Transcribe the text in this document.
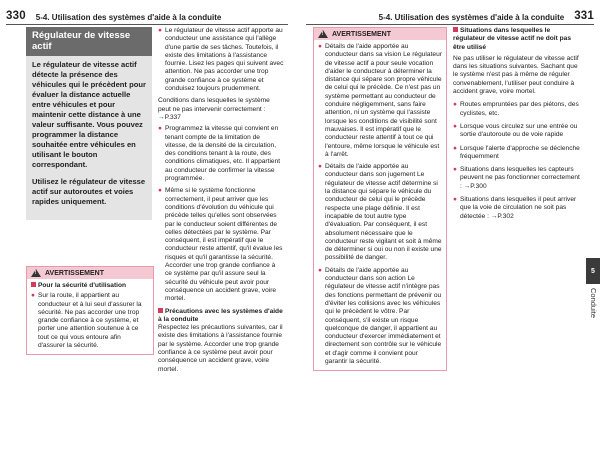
330 5-4. Utilisation des systèmes d'aide à la conduite	5-4. Utilisation des systèmes d'aide à la conduite 331
Régulateur de vitesse actif

Le régulateur de vitesse actif détecte la présence des véhicules qui le précèdent pour évaluer la distance actuelle entre véhicules et pour maintenir cette distance à une valeur suffisante. Vous pouvez programmer la distance souhaitée entre véhicules en utilisant le bouton correspondant.

Utilisez le régulateur de vitesse actif sur autoroutes et voies rapides uniquement.

!
AVERTISSEMENT

Pour la sécurité d'utilisation

● Sur la route, il appartient au conducteur et à lui seul d'assurer la sécurité. Ne pas accorder une trop grande confiance à ce système, et porter une attention soutenue à ce tout ce qui vous entoure afin d'assurer la sécurité.
● Le régulateur de vitesse actif apporte au conducteur une assistance qui l'allège d'une partie de ses tâches. Toutefois, il existe des limitations à l'assistance fournie. Lisez les pages qui suivent avec attention. Ne pas accorder une trop grande confiance à ce système et conduisez toujours prudemment.

Conditions dans lesquelles le système peut ne pas intervenir correctement : →P.337

● Programmez la vitesse qui convient en tenant compte de la limitation de vitesse, de la densité de la circulation, des conditions tenant à la route, des conditions climatiques, etc. Il appartient au conducteur de confirmer la vitesse programmée.
● Même si le système fonctionne correctement, il peut arriver que les conditions d'évolution du véhicule qui précède telles qu'elles sont observées par le conducteur soient différentes de celles détectées par le système. Par conséquent, il est impératif que le conducteur reste attentif, qu'il évalue les risques et qu'il garantisse la sécurité. Accorder une trop grande confiance à ce système par qu'il assure seul la sécurité du véhicule peut avoir pour conséquence un accident grave, voire mortel.

Précautions avec les systèmes d'aide à la conduite

Respectez les précautions suivantes, car il existe des limitations à l'assistance fournie par le système. Accorder une trop grande confiance à ce système peut avoir pour conséquence un accident grave, voire mortel.

!
AVERTISSEMENT
● Détails de l'aide apportée au conducteur dans sa vision Le régulateur de vitesse actif a pour seule vocation d'aider le conducteur à déterminer la distance qui sépare son propre véhicule de celui qui le précède. Ce n'est pas un système permettant au conducteur de conduire négligemment, sans faire attention, ni un système qui l'assiste lorsque les conditions de visibilité sont mauvaises. Il est impératif que le conducteur reste attentif à tout ce qui l'entoure, même lorsque le véhicule est à l'arrêt.
● Détails de l'aide apportée au conducteur dans son jugement Le régulateur de vitesse actif détermine si la distance qui sépare le véhicule du conducteur de celui qui le précède respecte une plage définie. Il est incapable de tout autre type d'évaluation. Par conséquent, il est absolument nécessaire que le conducteur reste vigilant et soit à même de déterminer si oui ou non il existe une possibilité de danger.
● Détails de l'aide apportée au conducteur dans son action Le régulateur de vitesse actif n'intègre pas des fonctions permettant de prévenir ou d'éviter les collisions avec les véhicules qui le précèdent le vôtre. Par conséquent, s'il existe un risque quelconque de danger, il appartient au conducteur d'exercer immédiatement et directement son contrôle sur le véhicule et d'agir comme il convient pour garantir la sécurité.

Situations dans lesquelles le régulateur de vitesse actif ne doit pas être utilisé

Ne pas utiliser le régulateur de vitesse actif dans les situations suivantes. Sachant que le système n'est pas à même de réguler convenablement, l'utiliser peut conduire à accident grave, voire mortel.

● Routes empruntées par des piétons, des cyclistes, etc.
● Lorsque vous circulez sur une entrée ou sortie d'autoroute ou de voie rapide
● Lorsque l'alerte d'approche se déclenche fréquemment
● Situations dans lesquelles les capteurs peuvent ne pas fonctionner correctement : →P.300
● Situations dans lesquelles il peut arriver que la voie de circulation ne soit pas détectée : →P.302
5
Conduite
